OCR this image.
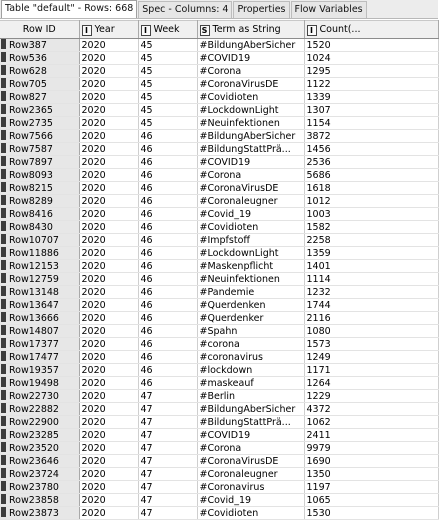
Table "default" - Rows: 668 Spec - Columns: 4 Properties Flow Variables
Row ID	I Year	I Week	S Term as String	I Count(...
Row387	2020	45	#BildungAberSicher	1520
Row536	2020	45	#COVID19	1024
Row628	2020	45	#Corona	1295
Row705	2020	45	#CoronaVirusDE	1122
Row827	2020	45	#Covidioten	1339
Row2365	2020	45	#LockdownLight	1307
Row2735	2020	45	#Neuinfektionen	1154
Row7566	2020	46	#BildungAberSicher	3872
Row7587	2020	46	#BildungStattPrä...	1456
Row7897	2020	46	#COVID19	2536
Row8093	2020	46	#Corona	5686
Row8215	2020	46	#CoronaVirusDE	1618
Row8289	2020	46	#Coronaleugner	1012
Row8416	2020	46	#Covid_19	1003
Row8430	2020	46	#Covidioten	1582
Row10707	2020	46	#Impfstoff	2258
Row11886	2020	46	#LockdownLight	1359
Row12153	2020	46	#Maskenpflicht	1401
Row12759	2020	46	#Neuinfektionen	1114
Row13148	2020	46	#Pandemie	1232
Row13647	2020	46	#Querdenken	1744
Row13666	2020	46	#Querdenker	2116
Row14807	2020	46	#Spahn	1080
Row17377	2020	46	#corona	1573
Row17477	2020	46	#coronavirus	1249
Row19357	2020	46	#lockdown	1171
Row19498	2020	46	#maskeauf	1264
Row22730	2020	47	#Berlin	1229
Row22882	2020	47	#BildungAberSicher	4372
Row22900	2020	47	#BildungStattPrä...	1062
Row23285	2020	47	#COVID19	2411
Row23520	2020	47	#Corona	9979
Row23646	2020	47	#CoronaVirusDE	1690
Row23724	2020	47	#Coronaleugner	1350
Row23780	2020	47	#Coronavirus	1197
Row23858	2020	47	#Covid_19	1065
Row23873	2020	47	#Covidioten	1530
